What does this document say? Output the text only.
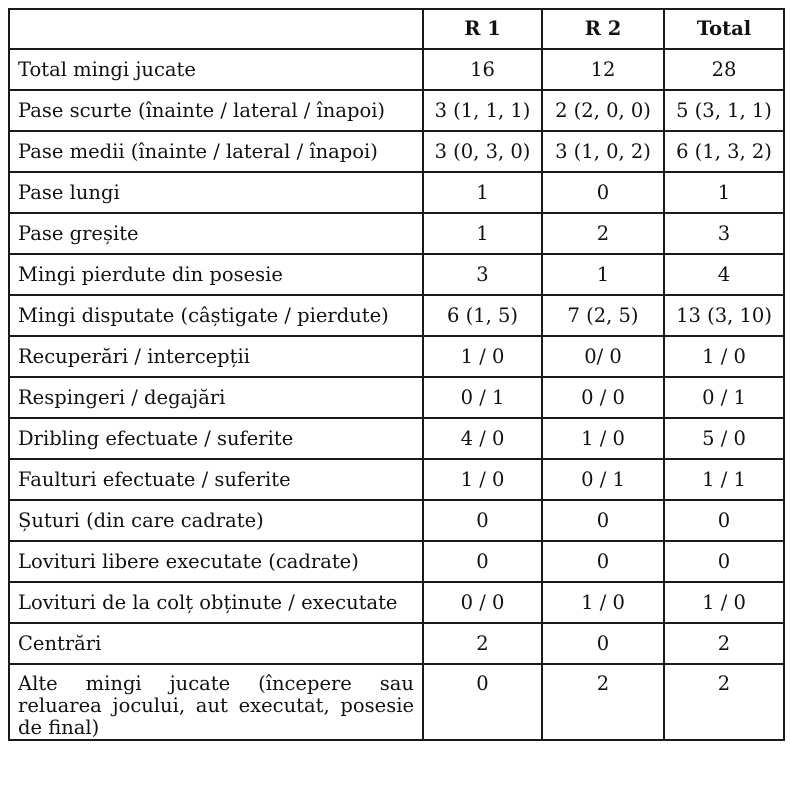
	R 1	R 2	Total
Total mingi jucate	16	12	28
Pase scurte (înainte / lateral / înapoi)	3 (1, 1, 1)	2 (2, 0, 0)	5 (3, 1, 1)
Pase medii (înainte / lateral / înapoi)	3 (0, 3, 0)	3 (1, 0, 2)	6 (1, 3, 2)
Pase lungi	1	0	1
Pase greșite	1	2	3
Mingi pierdute din posesie	3	1	4
Mingi disputate (câștigate / pierdute)	6 (1, 5)	7 (2, 5)	13 (3, 10)
Recuperări / intercepții	1 / 0	0/ 0	1 / 0
Respingeri / degajări	0 / 1	0 / 0	0 / 1
Dribling efectuate / suferite	4 / 0	1 / 0	5 / 0
Faulturi efectuate / suferite	1 / 0	0 / 1	1 / 1
Șuturi (din care cadrate)	0	0	0
Lovituri libere executate (cadrate)	0	0	0
Lovituri de la colț obținute / executate	0 / 0	1 / 0	1 / 0
Centrări	2	0	2
Alte mingi jucate (începere sau reluarea jocului, aut executat, posesie de final)	0	2	2
